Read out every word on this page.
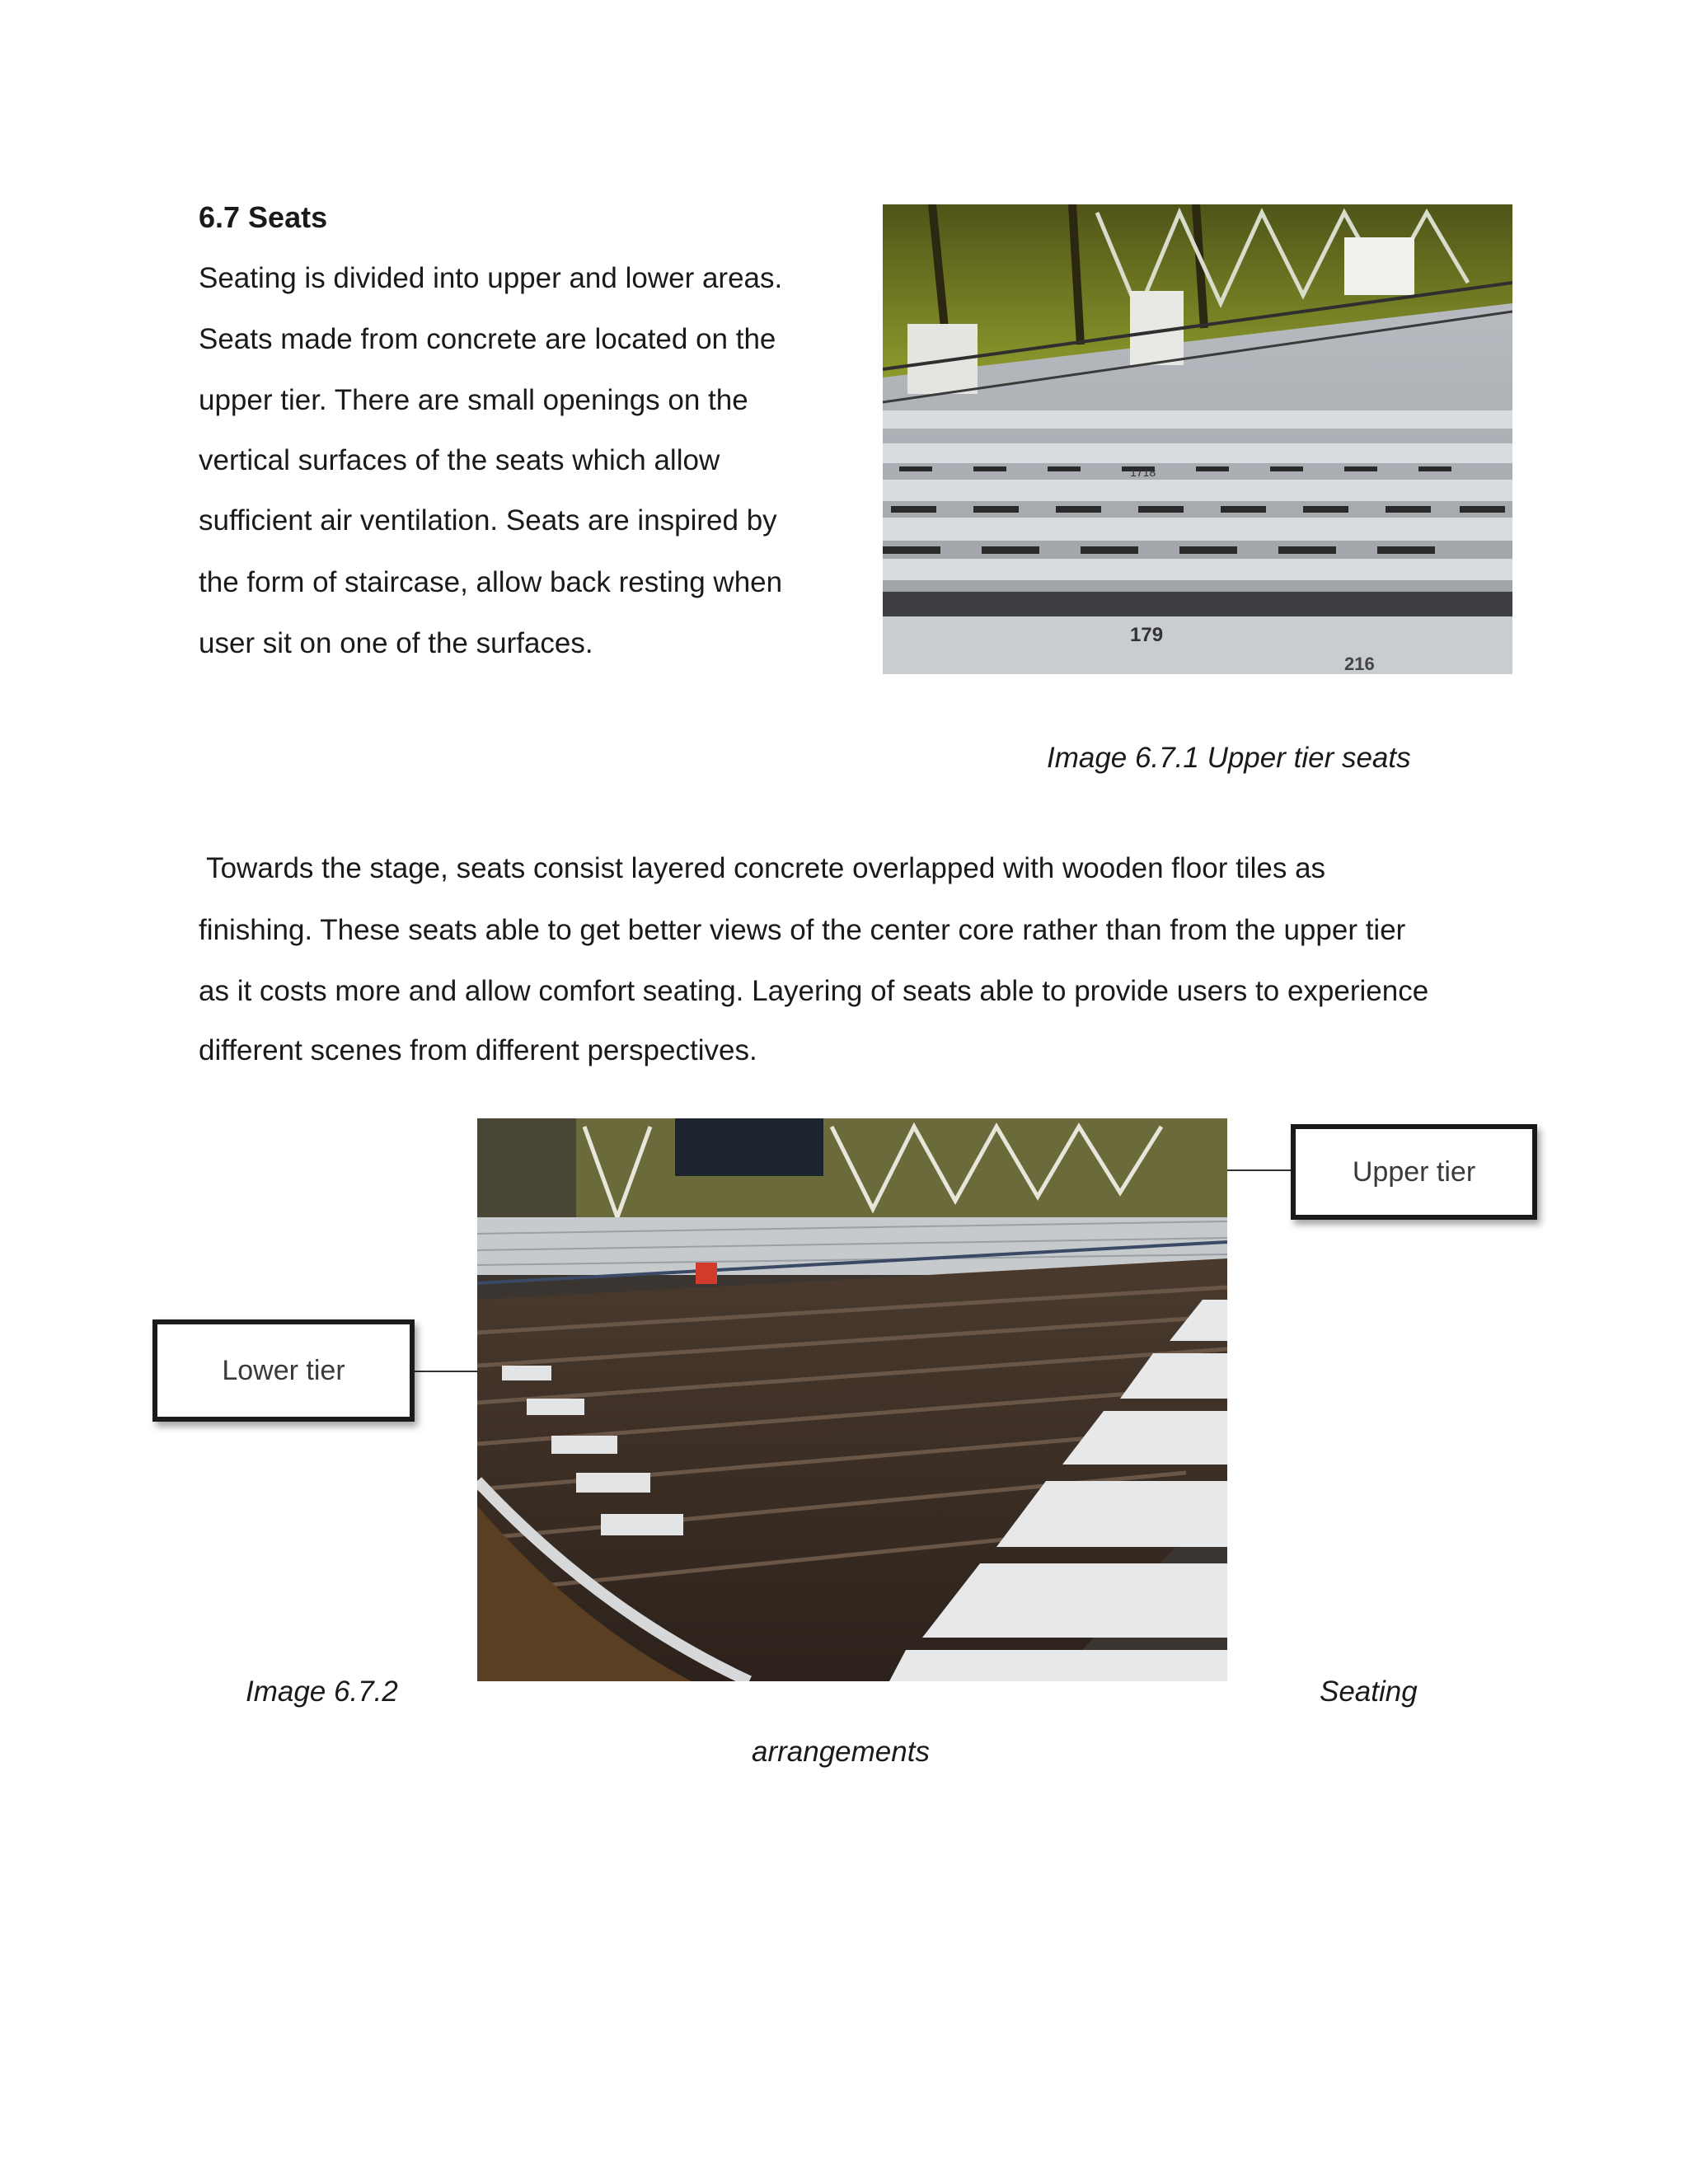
6.7 Seats
Seating is divided into upper and lower areas.
Seats made from concrete are located on the
upper tier. There are small openings on the
vertical surfaces of the seats which allow
sufficient air ventilation. Seats are inspired by
the form of staircase, allow back resting when
user sit on one of the surfaces.
1718
179
216
Image 6.7.1 Upper tier seats
Towards the stage, seats consist layered concrete overlapped with wooden floor tiles as
finishing. These seats able to get better views of the center core rather than from the upper tier
as it costs more and allow comfort seating. Layering of seats able to provide users to experience
different scenes from different perspectives.
Upper tier
Lower tier
Image 6.7.2	Seating
arrangements
